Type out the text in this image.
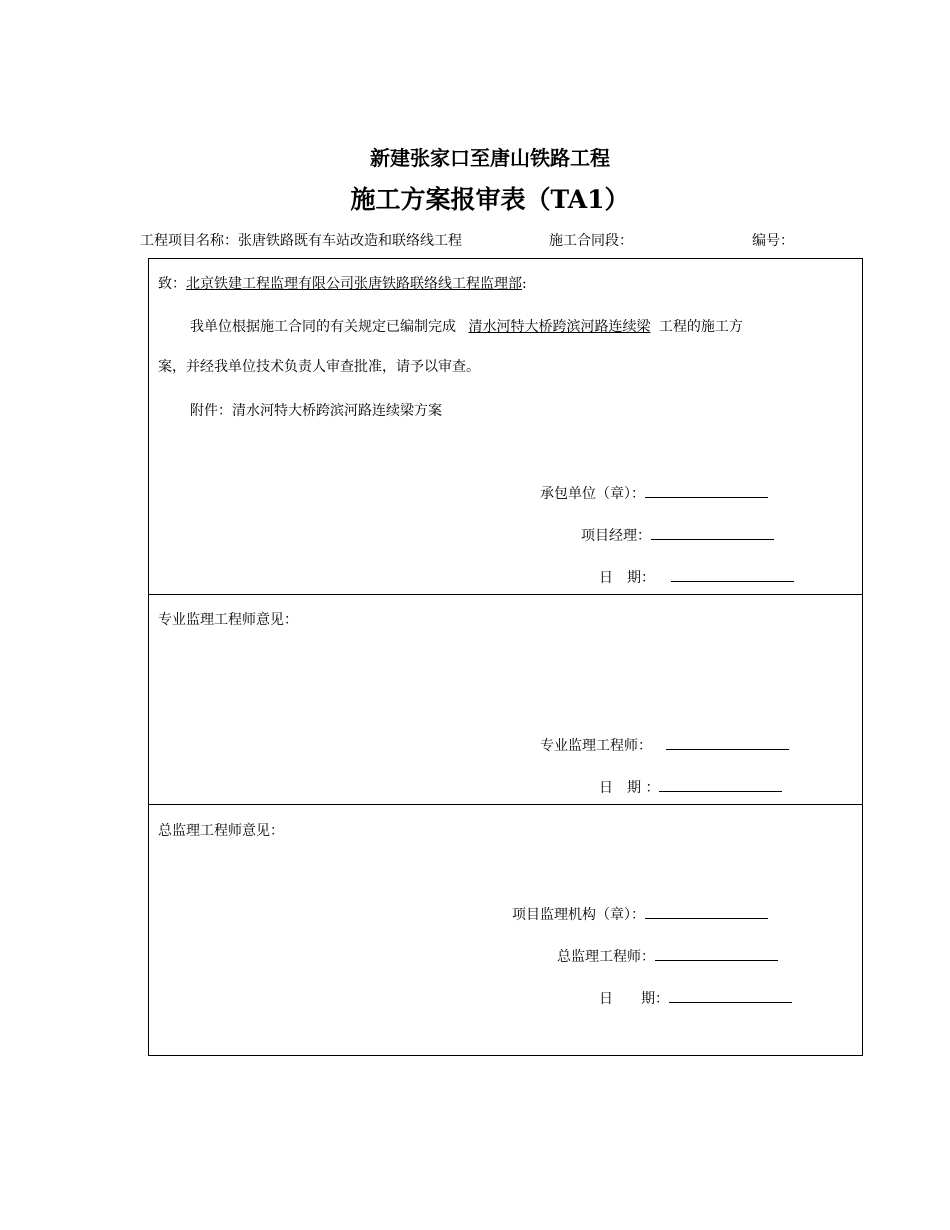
新建张家口至唐山铁路工程
施工方案报审表（TA1）
工程项目名称：张唐铁路既有车站改造和联络线工程	施工合同段：	编号：
致：北京铁建工程监理有限公司张唐铁路联络线工程监理部:
我单位根据施工合同的有关规定已编制完成 清水河特大桥跨滨河路连续梁 工程的施工方
案，并经我单位技术负责人审查批准，请予以审查。
附件：清水河特大桥跨滨河路连续梁方案
承包单位（章）：
项目经理：
日　期：
专业监理工程师意见：
专业监理工程师：
日　期 ：
总监理工程师意见：
项目监理机构（章）：
总监理工程师：
日　　期：
